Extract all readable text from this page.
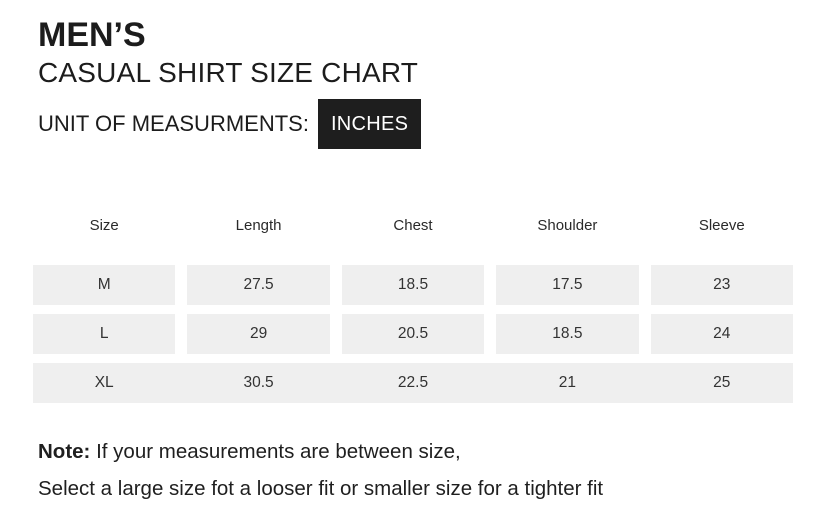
MEN’S
CASUAL SHIRT SIZE CHART
UNIT OF MEASURMENTS:	INCHES
Size	Length	Chest	Shoulder	Sleeve
M	27.5	18.5	17.5	23
L	29	20.5	18.5	24
XL	30.5	22.5	21	25
Note: If your measurements are between size,
Select a large size fot a looser fit or smaller size for a tighter fit
